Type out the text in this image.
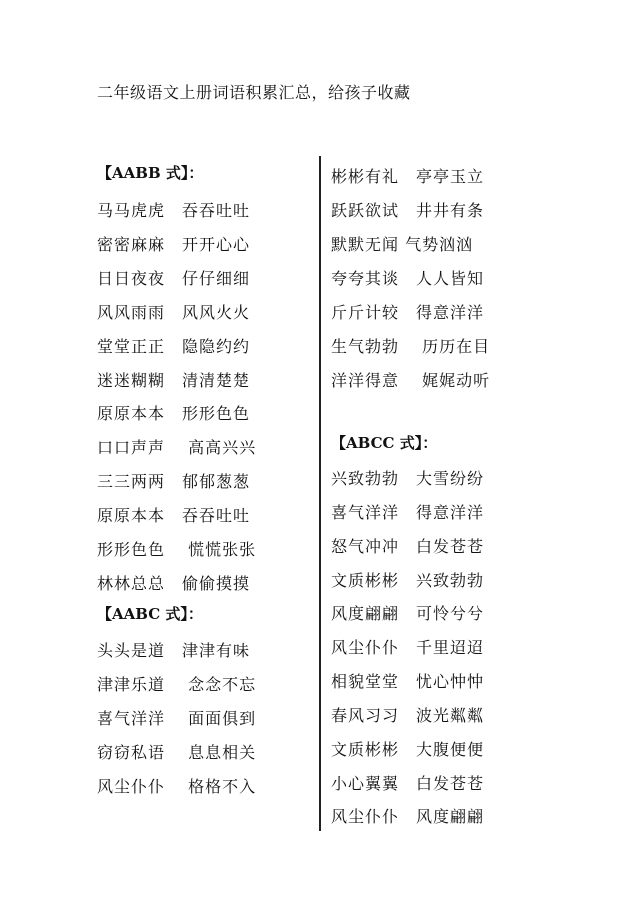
二年级语文上册词语积累汇总，给孩子收藏
【AABB 式】：
马马虎虎　吞吞吐吐
密密麻麻　开开心心
日日夜夜　仔仔细细
风风雨雨　风风火火
堂堂正正　隐隐约约
迷迷糊糊　清清楚楚
原原本本　形形色色
口口声声　 高高兴兴
三三两两　郁郁葱葱
原原本本　吞吞吐吐
形形色色　 慌慌张张
林林总总　偷偷摸摸
【AABC 式】：
头头是道　津津有味
津津乐道　 念念不忘
喜气洋洋　 面面俱到
窃窃私语　 息息相关
风尘仆仆　 格格不入
彬彬有礼　亭亭玉立
跃跃欲试　井井有条
默默无闻 气势汹汹
夸夸其谈　人人皆知
斤斤计较　得意洋洋
生气勃勃　 历历在目
洋洋得意　 娓娓动听
【ABCC 式】：
兴致勃勃　大雪纷纷
喜气洋洋　得意洋洋
怒气冲冲　白发苍苍
文质彬彬　兴致勃勃
风度翩翩　可怜兮兮
风尘仆仆　千里迢迢
相貌堂堂　忧心忡忡
春风习习　波光粼粼
文质彬彬　大腹便便
小心翼翼　白发苍苍
风尘仆仆　风度翩翩
